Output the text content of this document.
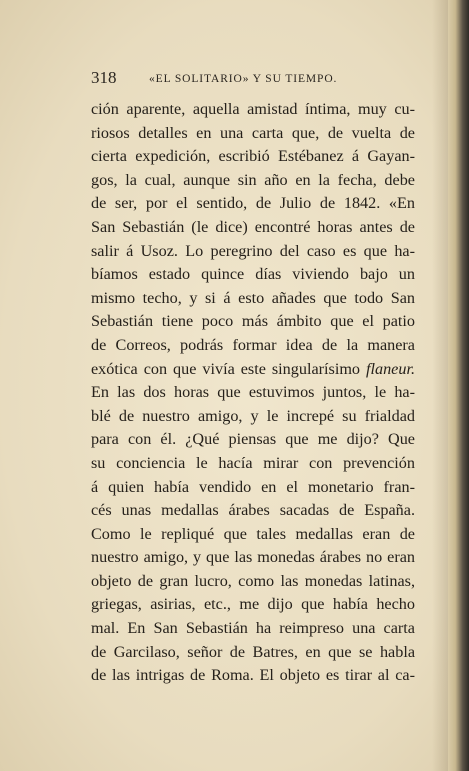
318	«EL SOLITARIO» Y SU TIEMPO.
ción aparente, aquella amistad íntima, muy cu-
riosos detalles en una carta que, de vuelta de
cierta expedición, escribió Estébanez á Gayan-
gos, la cual, aunque sin año en la fecha, debe
de ser, por el sentido, de Julio de 1842. «En
San Sebastián (le dice) encontré horas antes de
salir á Usoz. Lo peregrino del caso es que ha-
bíamos estado quince días viviendo bajo un
mismo techo, y si á esto añades que todo San
Sebastián tiene poco más ámbito que el patio
de Correos, podrás formar idea de la manera
exótica con que vivía este singularísimo flaneur.
En las dos horas que estuvimos juntos, le ha-
blé de nuestro amigo, y le increpé su frialdad
para con él. ¿Qué piensas que me dijo? Que
su conciencia le hacía mirar con prevención
á quien había vendido en el monetario fran-
cés unas medallas árabes sacadas de España.
Como le repliqué que tales medallas eran de
nuestro amigo, y que las monedas árabes no eran
objeto de gran lucro, como las monedas latinas,
griegas, asirias, etc., me dijo que había hecho
mal. En San Sebastián ha reimpreso una carta
de Garcilaso, señor de Batres, en que se habla
de las intrigas de Roma. El objeto es tirar al ca-
